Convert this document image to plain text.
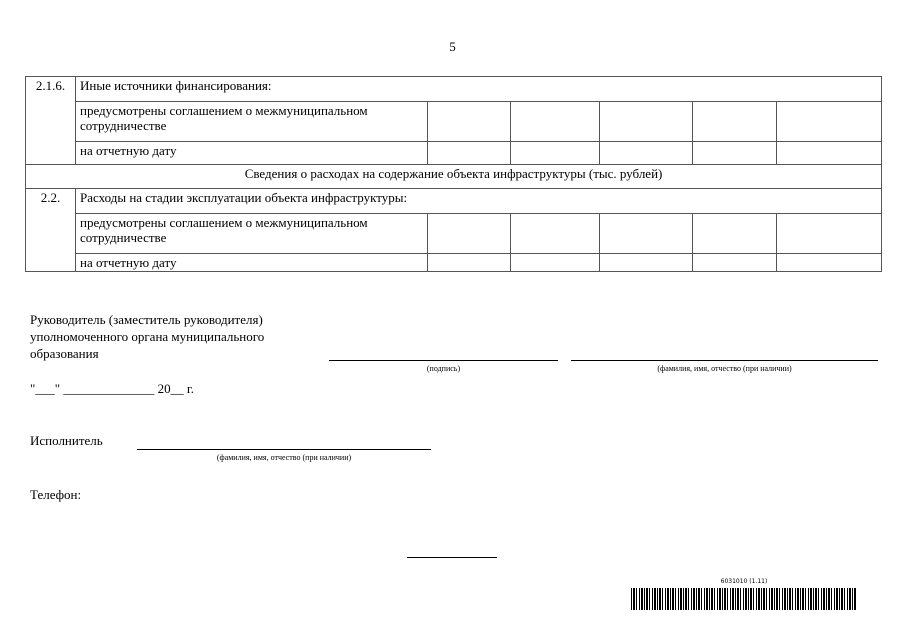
5
2.1.6.	Иные источники финансирования:					
	предусмотрены соглашением о межмуниципальном сотрудничестве					
	на отчетную дату					
Сведения о расходах на содержание объекта инфраструктуры (тыс. рублей)						
2.2.	Расходы на стадии эксплуатации объекта инфраструктуры:					
	предусмотрены соглашением о межмуниципальном сотрудничестве					
	на отчетную дату					
Руководитель (заместитель руководителя)
уполномоченного органа муниципального
образования
(подпись)	(фамилия, имя, отчество (при наличии)
"___" ______________ 20__ г.
Исполнитель
(фамилия, имя, отчество (при наличии)
Телефон:
6031010 (1.11)
